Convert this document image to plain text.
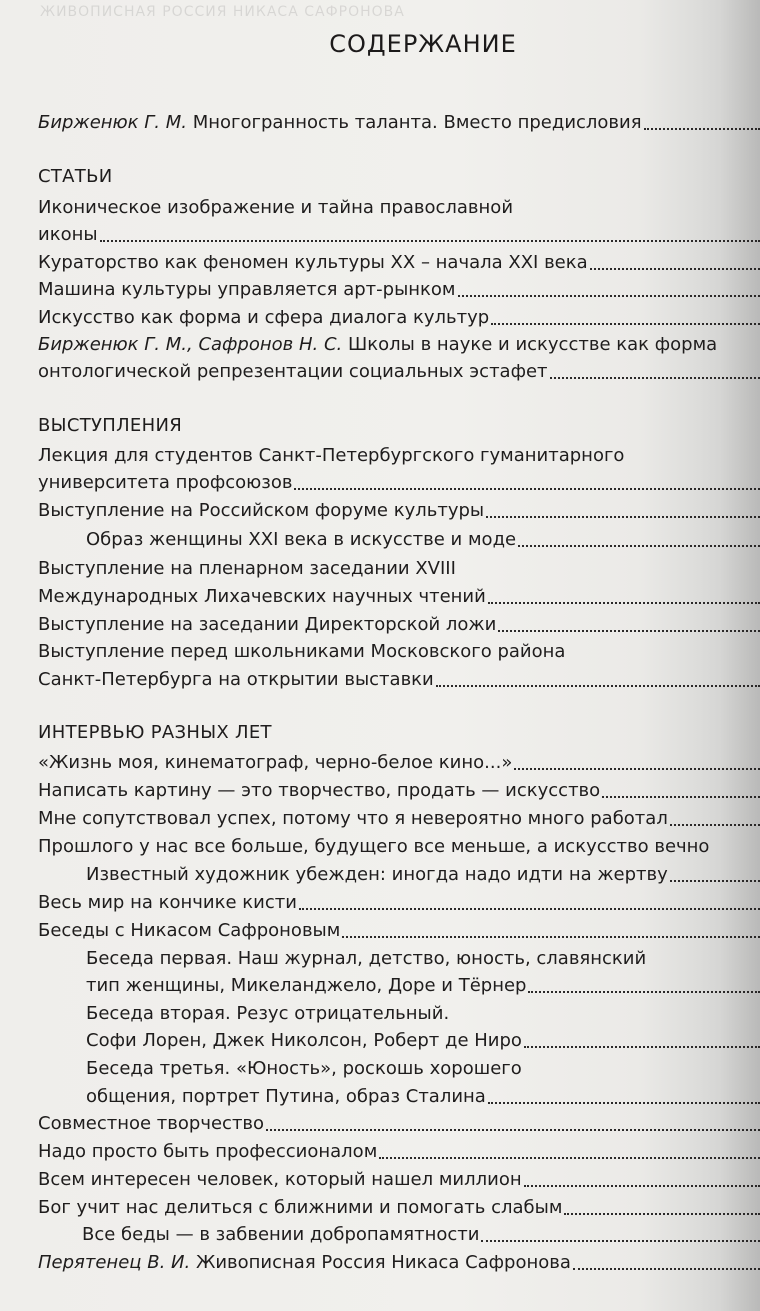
ЖИВОПИСНАЯ РОССИЯ НИКАСА САФРОНОВА
СОДЕРЖАНИЕ
Бирженюк Г. М. Многогранность таланта. Вместо предисловия
СТАТЬИ
Иконическое изображение и тайна православной
иконы
Кураторство как феномен культуры ХХ – начала XXI века
Машина культуры управляется арт-рынком
Искусство как форма и сфера диалога культур
Бирженюк Г. М., Сафронов Н. С. Школы в науке и искусстве как форма
онтологической репрезентации социальных эстафет
ВЫСТУПЛЕНИЯ
Лекция для студентов Санкт-Петербургского гуманитарного
университета профсоюзов
Выступление на Российском форуме культуры
Образ женщины XXI века в искусстве и моде
Выступление на пленарном заседании XVIII
Международных Лихачевских научных чтений
Выступление на заседании Директорской ложи
Выступление перед школьниками Московского района
Санкт-Петербурга на открытии выставки
ИНТЕРВЬЮ РАЗНЫХ ЛЕТ
«Жизнь моя, кинематограф, черно-белое кино...»
Написать картину — это творчество, продать — искусство
Мне сопутствовал успех, потому что я невероятно много работал
Прошлого у нас все больше, будущего все меньше, а искусство вечно
Известный художник убежден: иногда надо идти на жертву
Весь мир на кончике кисти
Беседы с Никасом Сафроновым
Беседа первая. Наш журнал, детство, юность, славянский
тип женщины, Микеланджело, Доре и Тёрнер
Беседа вторая. Резус отрицательный.
Софи Лорен, Джек Николсон, Роберт де Ниро
Беседа третья. «Юность», роскошь хорошего
общения, портрет Путина, образ Сталина
Совместное творчество
Надо просто быть профессионалом
Всем интересен человек, который нашел миллион
Бог учит нас делиться с ближними и помогать слабым
Все беды — в забвении добропамятности
Перятенец В. И. Живописная Россия Никаса Сафронова
